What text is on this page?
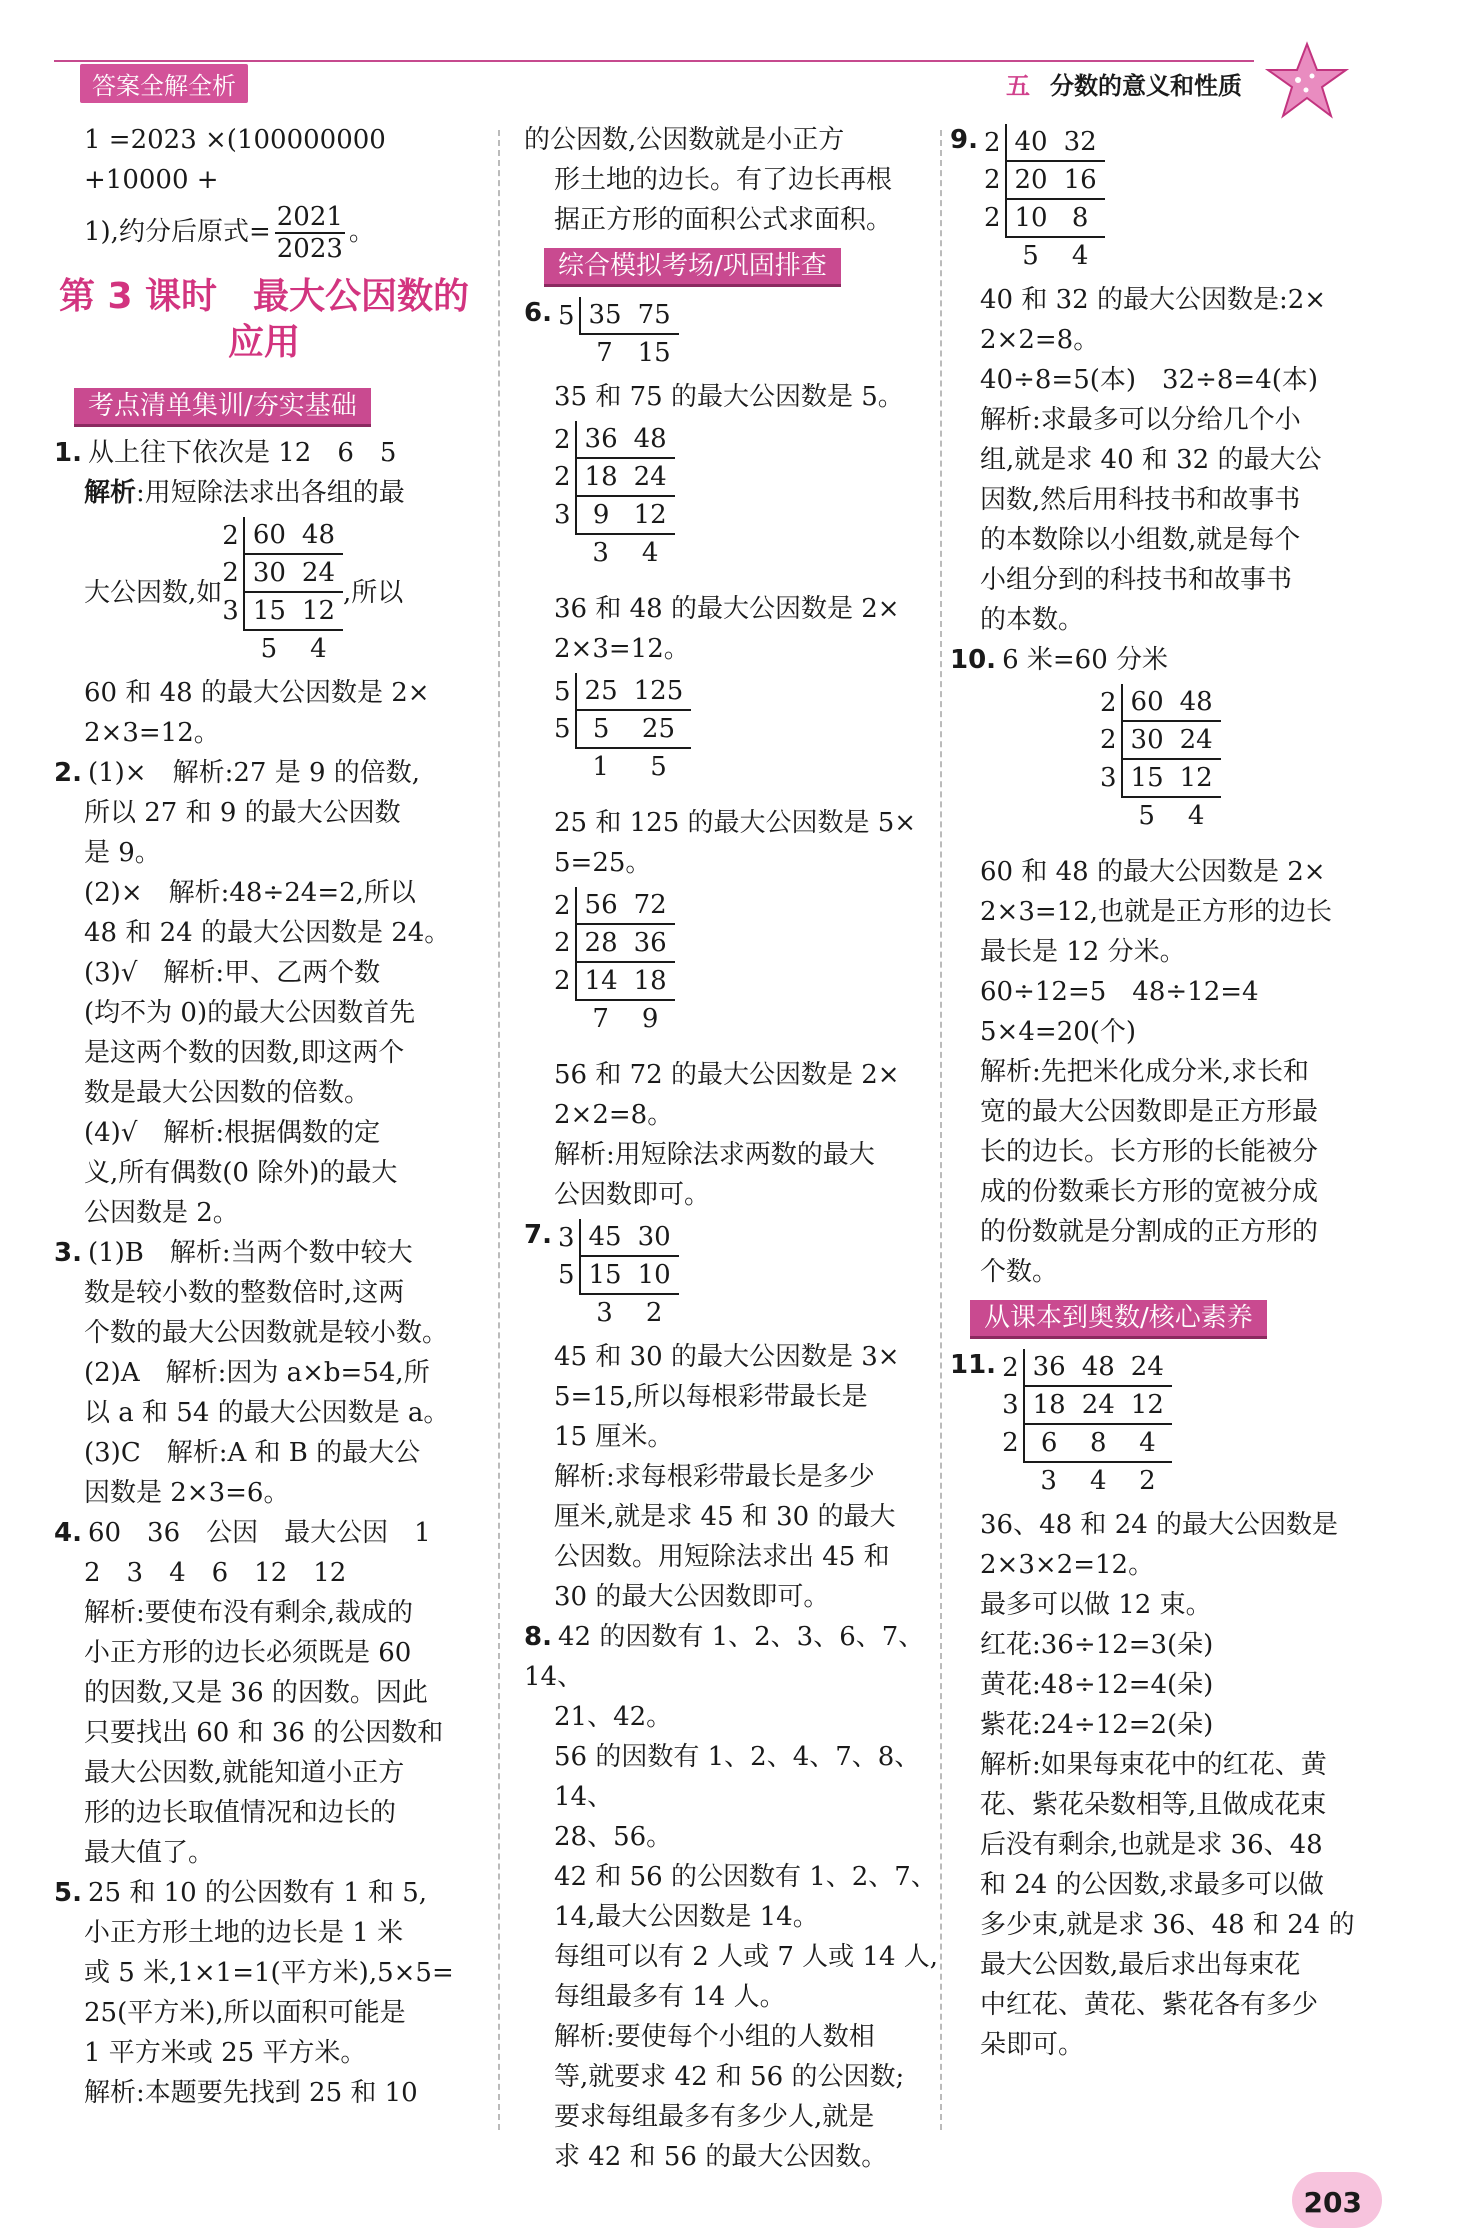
答案全解全析	五 分数的意义和性质

1 =2023 ×(100000000 +10000 +

1),约分后原式= $\frac{2021}{2023}$ 。

第 3 课时　最大公因数的
应用
考点清单集训/夯实基础

1. 从上往下依次是 12　6　5

解析:用短除法求出各组的最

大公因数,如
2	60	48
2	30	24
3	15	12
	5	4
,所以

60 和 48 的最大公因数是 2×

2×3=12。

2. (1)×　解析:27 是 9 的倍数,

所以 27 和 9 的最大公因数

是 9。

(2)×　解析:48÷24=2,所以

48 和 24 的最大公因数是 24。

(3)√　解析:甲、乙两个数

(均不为 0)的最大公因数首先

是这两个数的因数,即这两个

数是最大公因数的倍数。

(4)√　解析:根据偶数的定

义,所有偶数(0 除外)的最大

公因数是 2。

3. (1)B　解析:当两个数中较大

数是较小数的整数倍时,这两

个数的最大公因数就是较小数。

(2)A　解析:因为 a×b=54,所

以 a 和 54 的最大公因数是 a。

(3)C　解析:A 和 B 的最大公

因数是 2×3=6。

4. 60　36　公因　最大公因　1

2　3　4　6　12　12

解析:要使布没有剩余,裁成的

小正方形的边长必须既是 60

的因数,又是 36 的因数。因此

只要找出 60 和 36 的公因数和

最大公因数,就能知道小正方

形的边长取值情况和边长的

最大值了。

5. 25 和 10 的公因数有 1 和 5,

小正方形土地的边长是 1 米

或 5 米,1×1=1(平方米),5×5=

25(平方米),所以面积可能是

1 平方米或 25 平方米。

解析:本题要先找到 25 和 10

的公因数,公因数就是小正方

形土地的边长。有了边长再根

据正方形的面积公式求面积。

综合模拟考场/巩固排查
6. 5	35	75
	7	15

35 和 75 的最大公因数是 5。

2	36	48
2	18	24
3	9	12
	3	4

36 和 48 的最大公因数是 2×

2×3=12。

5	25	125
5	5	25
	1	5

25 和 125 的最大公因数是 5×

5=25。

2	56	72
2	28	36
2	14	18
	7	9

56 和 72 的最大公因数是 2×

2×2=8。

解析:用短除法求两数的最大

公因数即可。

7. 3	45	30
5	15	10
	3	2

45 和 30 的最大公因数是 3×

5=15,所以每根彩带最长是

15 厘米。

解析:求每根彩带最长是多少

厘米,就是求 45 和 30 的最大

公因数。用短除法求出 45 和

30 的最大公因数即可。

8. 42 的因数有 1、2、3、6、7、14、

21、42。

56 的因数有 1、2、4、7、8、14、

28、56。

42 和 56 的公因数有 1、2、7、

14,最大公因数是 14。

每组可以有 2 人或 7 人或 14 人,

每组最多有 14 人。

解析:要使每个小组的人数相

等,就要求 42 和 56 的公因数;

要求每组最多有多少人,就是

求 42 和 56 的最大公因数。

9. 2	40	32
2	20	16
2	10	8
	5	4

40 和 32 的最大公因数是:2×

2×2=8。

40÷8=5(本)　32÷8=4(本)

解析:求最多可以分给几个小

组,就是求 40 和 32 的最大公

因数,然后用科技书和故事书

的本数除以小组数,就是每个

小组分到的科技书和故事书

的本数。

10. 6 米=60 分米

2	60	48
2	30	24
3	15	12
	5	4

60 和 48 的最大公因数是 2×

2×3=12,也就是正方形的边长

最长是 12 分米。

60÷12=5　48÷12=4

5×4=20(个)

解析:先把米化成分米,求长和

宽的最大公因数即是正方形最

长的边长。长方形的长能被分

成的份数乘长方形的宽被分成

的份数就是分割成的正方形的

个数。

从课本到奥数/核心素养
11. 2	36	48	24
3	18	24	12
2	6	8	4
	3	4	2

36、48 和 24 的最大公因数是

2×3×2=12。

最多可以做 12 束。

红花:36÷12=3(朵)

黄花:48÷12=4(朵)

紫花:24÷12=2(朵)

解析:如果每束花中的红花、黄

花、紫花朵数相等,且做成花束

后没有剩余,也就是求 36、48

和 24 的公因数,求最多可以做

多少束,就是求 36、48 和 24 的

最大公因数,最后求出每束花

中红花、黄花、紫花各有多少

朵即可。

203
